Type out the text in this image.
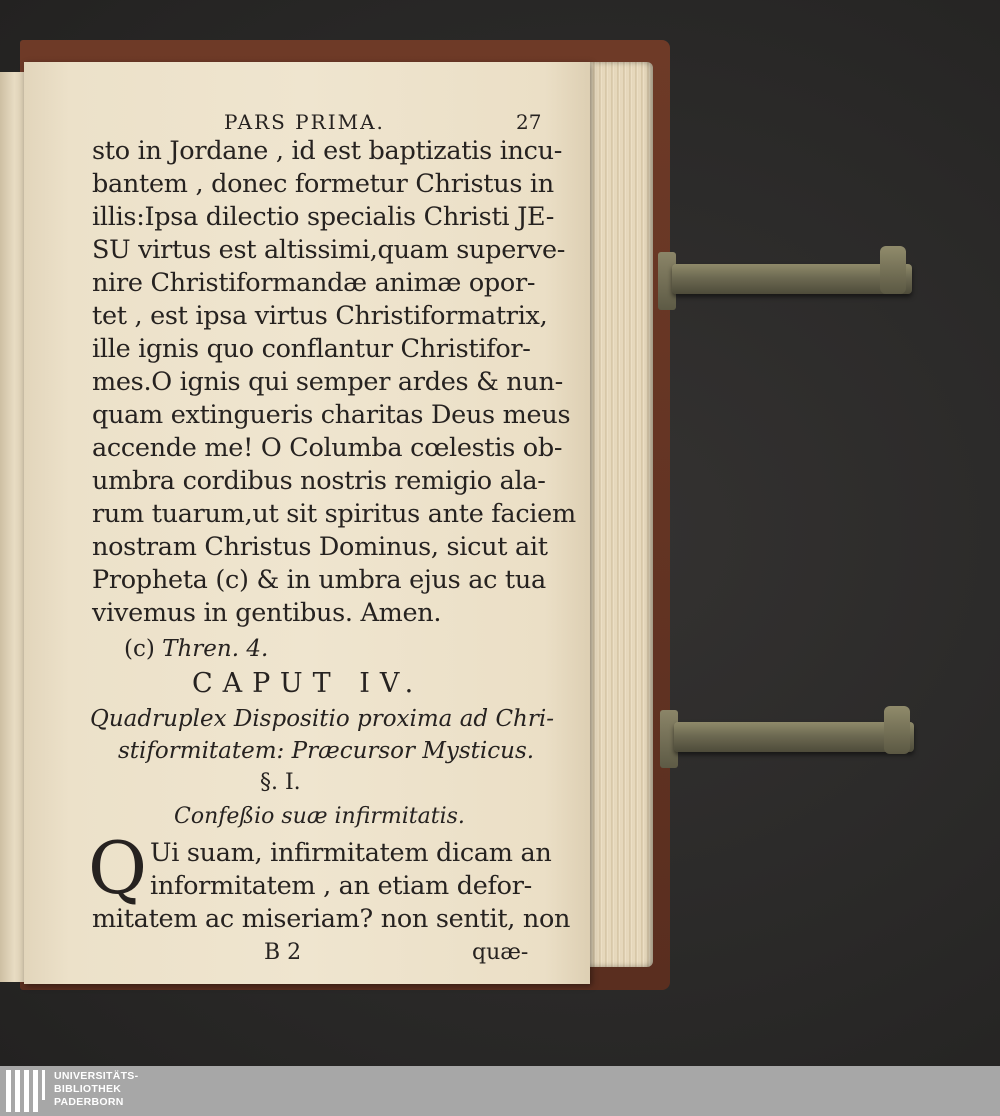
PARS PRIMA.	27
sto in Jordane , id est baptizatis incu-
bantem , donec formetur Christus in
illis:Ipsa dilectio specialis Christi JE-
SU virtus est altissimi,quam superve-
nire Christiformandæ animæ opor-
tet , est ipsa virtus Christiformatrix,
ille ignis quo conflantur Christifor-
mes.O ignis qui semper ardes & nun-
quam extingueris charitas Deus meus
accende me! O Columba cœlestis ob-
umbra cordibus nostris remigio ala-
rum tuarum,ut sit spiritus ante faciem
nostram Christus Dominus, sicut ait
Propheta (c) & in umbra ejus ac tua
vivemus in gentibus. Amen.
(c) Thren. 4.
CAPUT IV.
Quadruplex Dispositio proxima ad Chri-
stiformitatem: Præcursor Mysticus.
§. I.
Confeßio suæ infirmitatis.
Q Ui suam, infirmitatem dicam an
informitatem , an etiam defor-
mitatem ac miseriam? non sentit, non
B 2	quæ-
UNIVERSITÄTS-
BIBLIOTHEK
PADERBORN
